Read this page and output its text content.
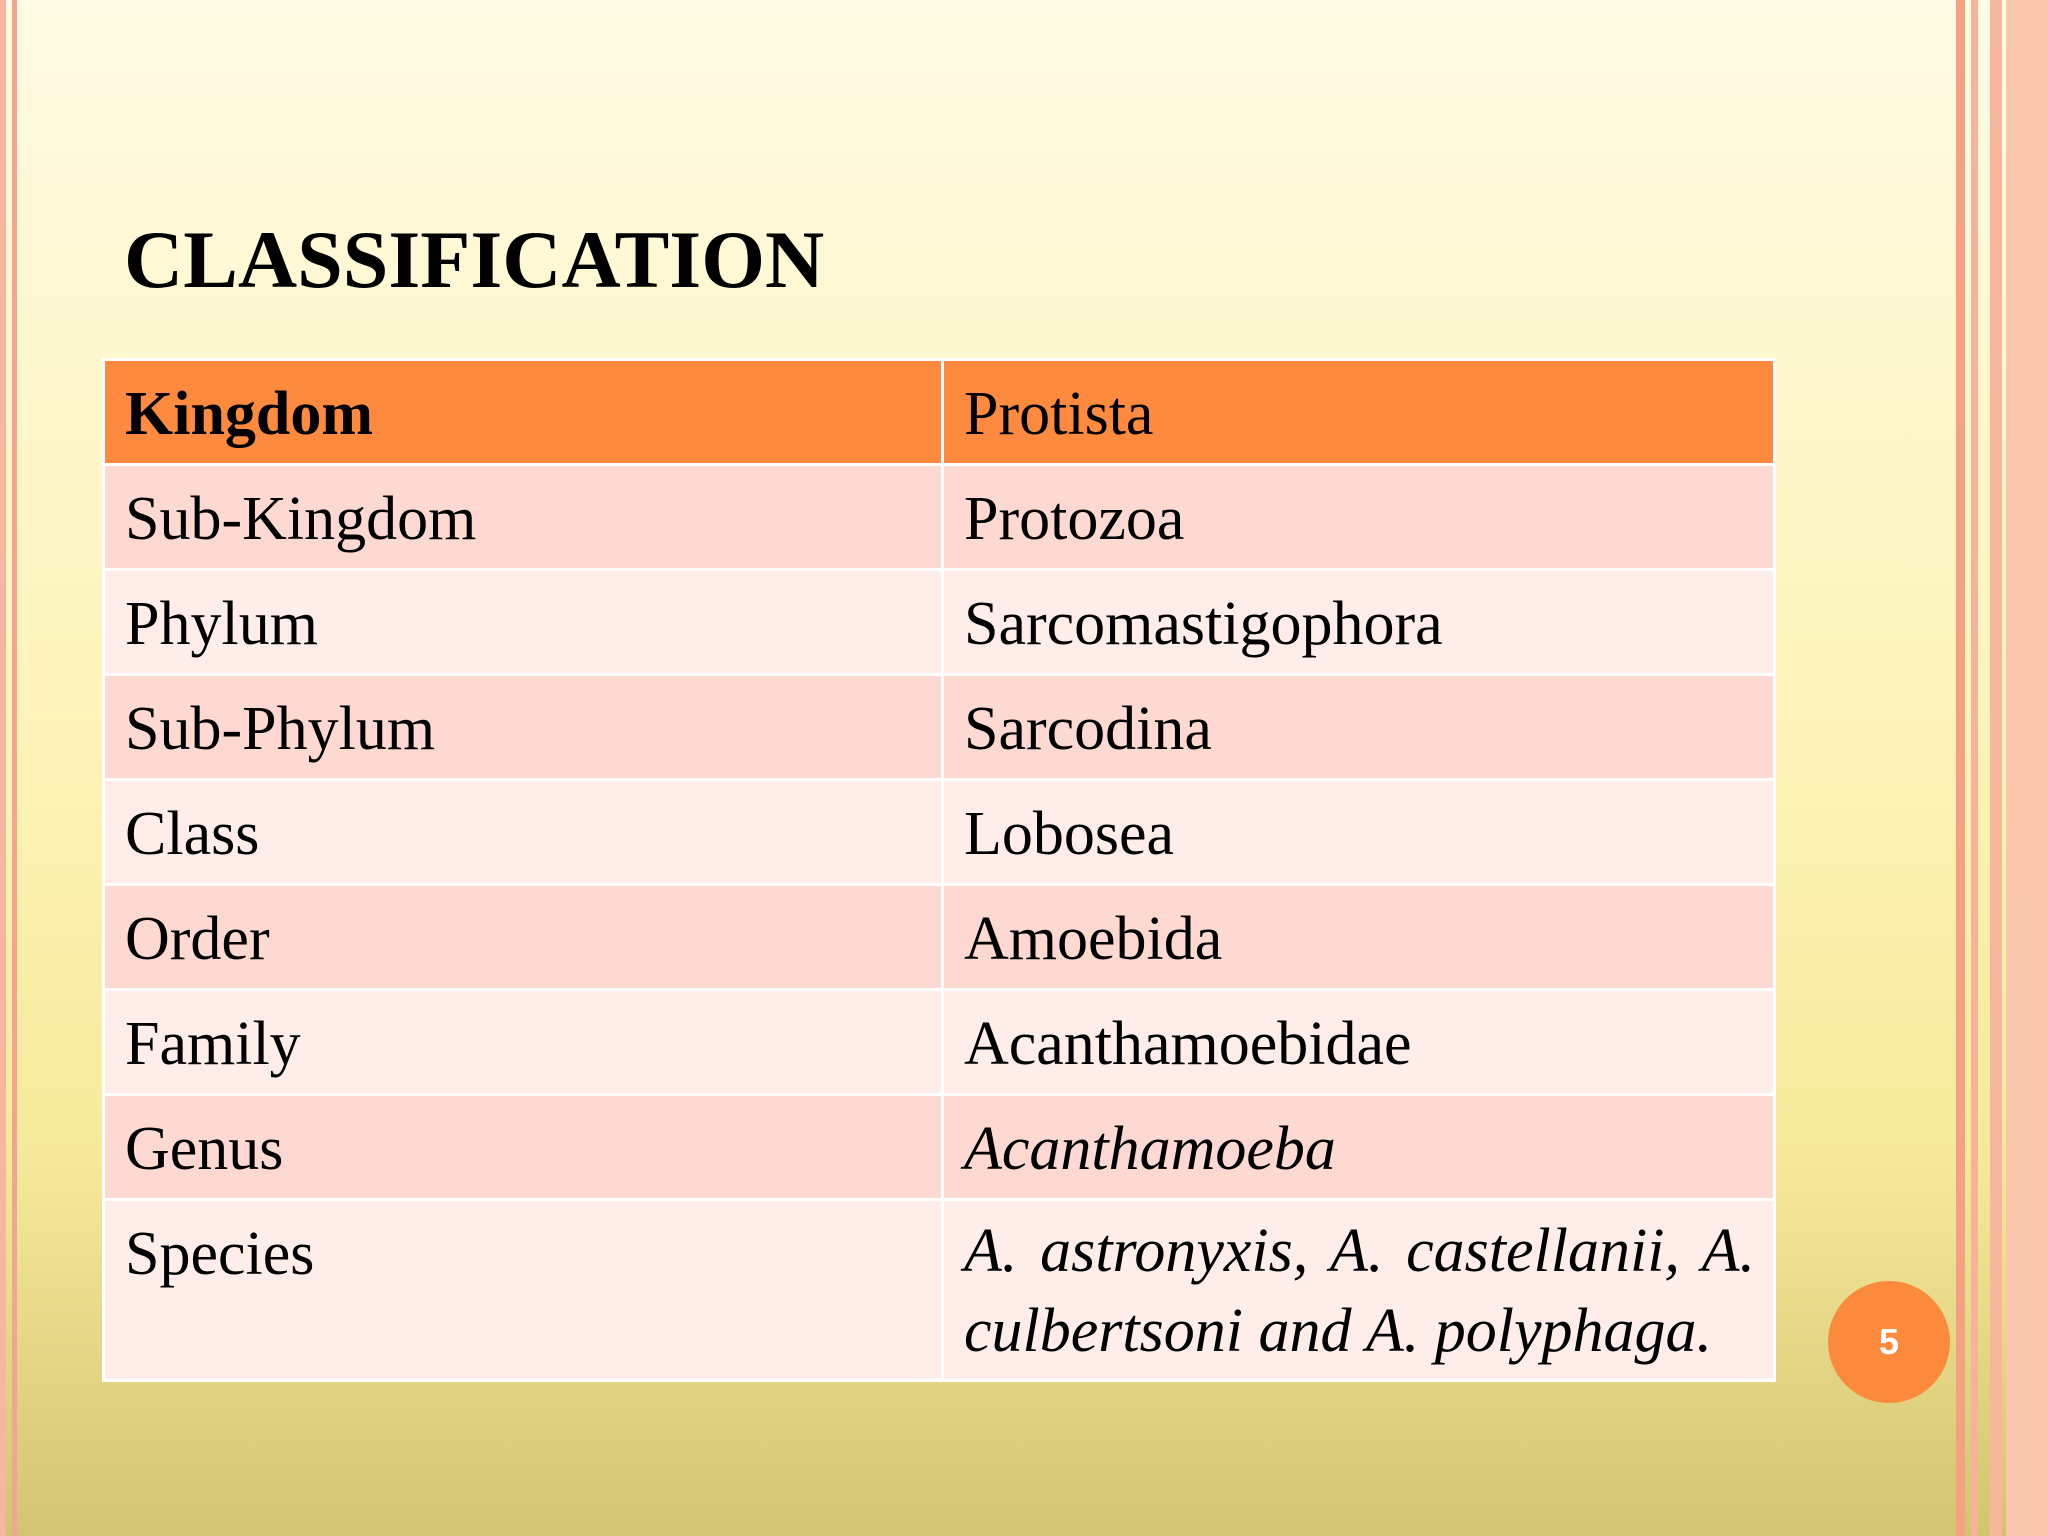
CLASSIFICATION
Kingdom	Protista
Sub-Kingdom	Protozoa
Phylum	Sarcomastigophora
Sub-Phylum	Sarcodina
Class	Lobosea
Order	Amoebida
Family	Acanthamoebidae
Genus	Acanthamoeba
Species	A. astronyxis, A. castellanii, A. culbertsoni and A. polyphaga.	5
